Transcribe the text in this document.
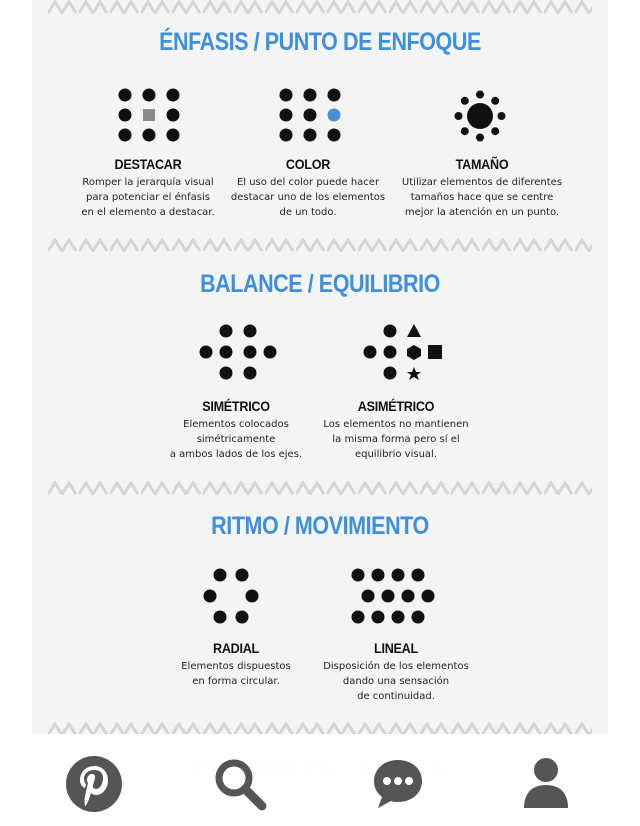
ÉNFASIS / PUNTO DE ENFOQUE
DESTACAR
Romper la jerarquía visual
para potenciar el énfasis
en el elemento a destacar.
COLOR
El uso del color puede hacer
destacar uno de los elementos
de un todo.
TAMAÑO
Utilizar elementos de diferentes
tamaños hace que se centre
mejor la atención en un punto.
BALANCE / EQUILIBRIO
SIMÉTRICO
Elementos colocados
simétricamente
a ambos lados de los ejes.
ASIMÉTRICO
Los elementos no mantienen
la misma forma pero sí el
equilibrio visual.
RITMO / MOVIMIENTO
RADIAL
Elementos dispuestos
en forma circular.
LINEAL
Disposición de los elementos
dando una sensación
de continuidad.
